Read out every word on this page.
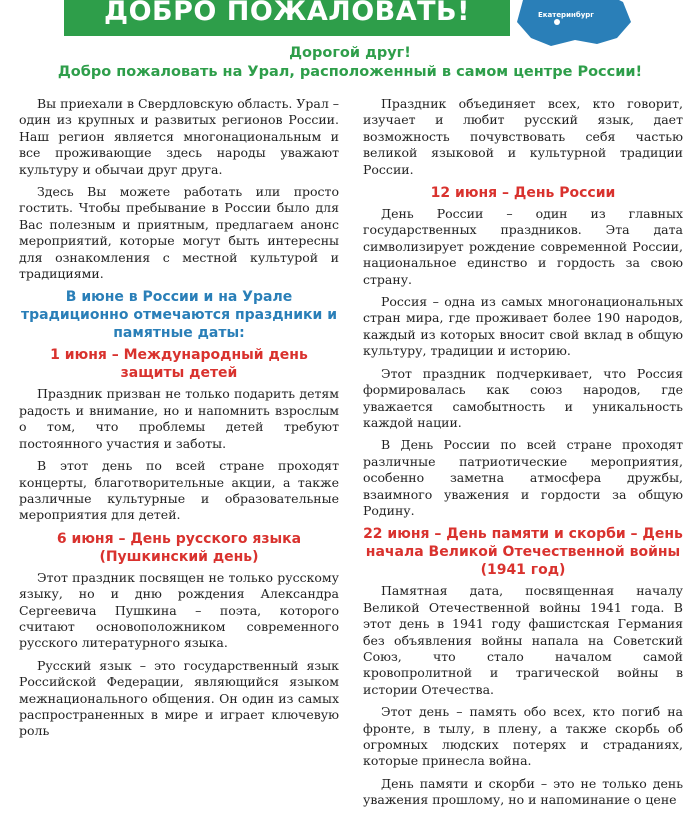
ДОБРО ПОЖАЛОВАТЬ!	Екатеринбург
Дорогой друг!
Добро пожаловать на Урал, расположенный в самом центре России!

Вы приехали в Свердловскую область. Урал – один из крупных и развитых регионов России. Наш регион является многонациональным и все проживающие здесь народы уважают культуру и обычаи друг друга.

Здесь Вы можете работать или просто гостить. Чтобы пребывание в России было для Вас полезным и приятным, предлагаем анонс мероприятий, которые могут быть интересны для ознакомления с местной культурой и традициями.

В июне в России и на Урале традиционно отмечаются праздники и памятные даты:
1 июня – Международный день защиты детей

Праздник призван не только подарить детям радость и внимание, но и напомнить взрослым о том, что проблемы детей требуют постоянного участия и заботы.

В этот день по всей стране проходят концерты, благотворительные акции, а также различные культурные и образовательные мероприятия для детей.

6 июня – День русского языка (Пушкинский день)

Этот праздник посвящен не только русскому языку, но и дню рождения Александра Сергеевича Пушкина – поэта, которого считают основоположником современного русского литературного языка.

Русский язык – это государственный язык Российской Федерации, являющийся языком межнационального общения. Он один из самых распространенных в мире и играет ключевую роль

Праздник объединяет всех, кто говорит, изучает и любит русский язык, дает возможность почувствовать себя частью великой языковой и культурной традиции России.

12 июня – День России

День России – один из главных государственных праздников. Эта дата символизирует рождение современной России, национальное единство и гордость за свою страну.

Россия – одна из самых многонациональных стран мира, где проживает более 190 народов, каждый из которых вносит свой вклад в общую культуру, традиции и историю.

Этот праздник подчеркивает, что Россия формировалась как союз народов, где уважается самобытность и уникальность каждой нации.

В День России по всей стране проходят различные патриотические мероприятия, особенно заметна атмосфера дружбы, взаимного уважения и гордости за общую Родину.

22 июня – День памяти и скорби – День начала Великой Отечественной войны (1941 год)

Памятная дата, посвященная началу Великой Отечественной войны 1941 года. В этот день в 1941 году фашистская Германия без объявления войны напала на Советский Союз, что стало началом самой кровопролитной и трагической войны в истории Отечества.

Этот день – память обо всех, кто погиб на фронте, в тылу, в плену, а также скорбь об огромных людских потерях и страданиях, которые принесла война.

День памяти и скорби – это не только день уважения прошлому, но и напоминание о цене
